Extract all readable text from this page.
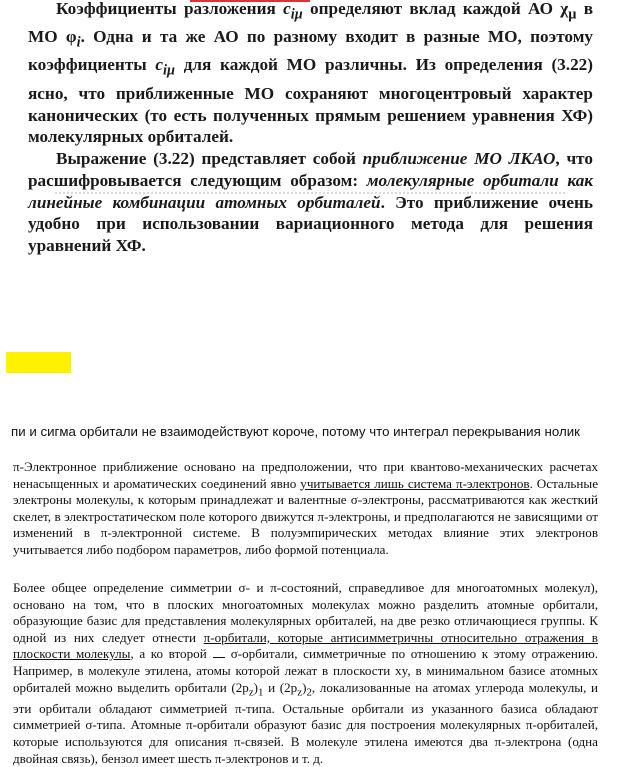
Коэффициенты разложения $c_{i\mu}$ определяют вклад каждой АО $\chi_\mu$ в МО $\varphi_i$. Одна и та же АО по разному входит в разные МО, поэтому коэффициенты $c_{i\mu}$ для каждой МО различны. Из определения (3.22) ясно, что приближенные МО сохраняют многоцентровый характер канонических (то есть полученных прямым решением уравнения ХФ) молекулярных орбиталей.

Выражение (3.22) представляет собой приближение МО ЛКАО, что расшифровывается следующим образом: молекулярные орбитали как линейные комбинации атомных орбиталей. Это приближение очень удобно при использовании вариационного метода для решения уравнений ХФ.

пи и сигма орбитали не взаимодействуют короче, потому что интеграл перекрывания нолик
π-Электронное приближение основано на предположении, что при квантово-механических расчетах ненасыщенных и ароматических соединений явно учитывается лишь система π-электронов. Остальные электроны молекулы, к которым принадлежат и валентные σ-электроны, рассматриваются как жесткий скелет, в электростатическом поле которого движутся π-электроны, и предполагаются не зависящими от изменений в π-электронной системе. В полуэмпирических методах влияние этих электронов учитывается либо подбором параметров, либо формой потенциала.
Более общее определение симметрии σ- и π-состояний, справедливое для многоатомных молекул), основано на том, что в плоских многоатомных молекулах можно разделить атомные орбитали, образующие базис для представления молекулярных орбиталей, на две резко отличающиеся группы. К одной из них следует отнести π-орбитали, которые антисимметричны относительно отражения в плоскости молекулы, а ко второй σ-орбитали, симметричные по отношению к этому отражению. Например, в молекуле этилена, атомы которой лежат в плоскости xy, в минимальном базисе атомных орбиталей можно выделить орбитали $(2p_z)_1$ и $(2p_z)_2$, локализованные на атомах углерода молекулы, и эти орбитали обладают симметрией π-типа. Остальные орбитали из указанного базиса обладают симметрией σ-типа. Атомные π-орбитали образуют базис для построения молекулярных π-орбиталей, которые используются для описания π-связей. В молекуле этилена имеются два π-электрона (одна двойная связь), бензол имеет шесть π-электронов и т. д.
